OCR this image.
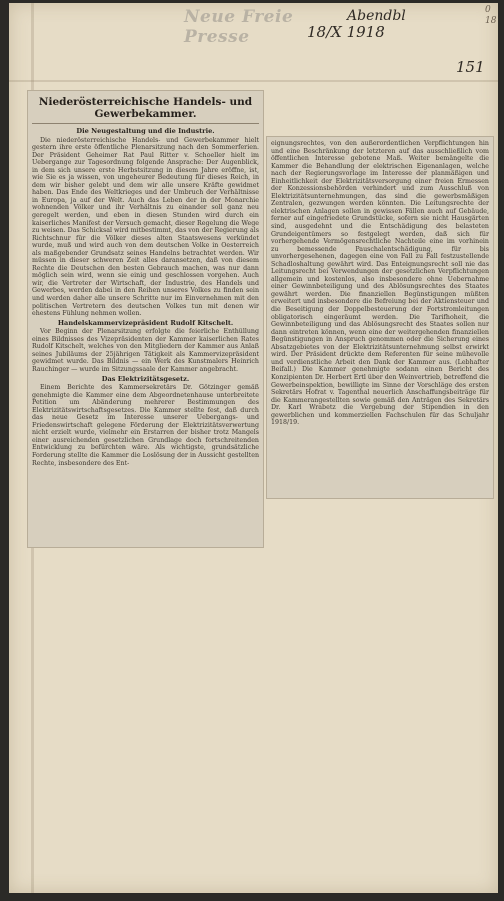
Neue Freie Presse
Abendbl
18/X 1918
151
0 18
Niederösterreichische Handels- und Gewerbekammer.
Die Neugestaltung und die Industrie.

Die niederösterreichische Handels- und Gewerbekammer hielt gestern ihre erste öffentliche Plenarsitzung nach den Sommerferien. Der Präsident Geheimer Rat Paul Ritter v. Schoeller hielt im Uebergange zur Tagesordnung folgende Ansprache: Der Augenblick, in dem sich unsere erste Herbstsitzung in diesem Jahre eröffne, ist, wie Sie es ja wissen, von ungeheurer Bedeutung für dieses Reich, in dem wir bisher gelebt und dem wir alle unsere Kräfte gewidmet haben. Das Ende des Weltkrieges und der Umbruch der Verhältnisse in Europa, ja auf der Welt. Auch das Leben der in der Monarchie wohnenden Völker und ihr Verhältnis zu einander soll ganz neu geregelt werden, und eben in diesen Stunden wird durch ein kaiserliches Manifest der Versuch gemacht, dieser Regelung die Wege zu weisen. Das Schicksal wird mitbestimmt, das von der Regierung als Richtschnur für die Völker dieses alten Staatswesens verkündet wurde, muß und wird auch von dem deutschen Volke in Oesterreich als maßgebender Grundsatz seines Handelns betrachtet werden. Wir müssen in dieser schweren Zeit alles daransetzen, daß von diesem Rechte die Deutschen den besten Gebrauch machen, was nur dann möglich sein wird, wenn sie einig und geschlossen vorgehen. Auch wir, die Vertreter der Wirtschaft, der Industrie, des Handels und Gewerbes, werden dabei in den Reihen unseres Volkes zu finden sein und werden daher alle unsere Schritte nur im Einvernehmen mit den politischen Vertretern des deutschen Volkes tun mit denen wir ehestens Fühlung nehmen wollen.

Handelskammervizepräsident Rudolf Kitschelt.

Vor Beginn der Plenarsitzung erfolgte die feierliche Enthüllung eines Bildnisses des Vizepräsidenten der Kammer kaiserlichen Rates Rudolf Kitschelt, welches von den Mitgliedern der Kammer aus Anlaß seines Jubiläums der 25jährigen Tätigkeit als Kammervizepräsident gewidmet wurde. Das Bildnis — ein Werk des Kunstmalers Heinrich Rauchinger — wurde im Sitzungssaale der Kammer angebracht.

Das Elektrizitätsgesetz.

Einem Berichte des Kammersekretärs Dr. Götzinger gemäß genehmigte die Kammer eine dem Abgeordnetenhause unterbreitete Petition um Abänderung mehrerer Bestimmungen des Elektrizitätswirtschaftsgesetzes. Die Kammer stellte fest, daß durch das neue Gesetz im Interesse unserer Uebergangs- und Friedenswirtschaft gelegene Förderung der Elektrizitätsverwertung nicht erzielt wurde, vielmehr ein Erstarren der bisher trotz Mangels einer ausreichenden gesetzlichen Grundlage doch fortschreitenden Entwicklung zu befürchten wäre. Als wichtigste, grundsätzliche Forderung stellte die Kammer die Loslösung der in Aussicht gestellten Rechte, insbesondere des Ent-

eignungsrechtes, von den außerordentlichen Verpflichtungen hin und eine Beschränkung der letzteren auf das ausschließlich vom öffentlichen Interesse gebotene Maß. Weiter bemängelte die Kammer die Behandlung der elektrischen Eigenanlagen, welche nach der Regierungsvorlage im Interesse der planmäßigen und Einheitlichkeit der Elektrizitätsversorgung einer freien Ermessen der Konzessionsbehörden verhindert und zum Ausschluß von Elektrizitätsunternehmungen, das sind die gewerbsmäßigen Zentralen, gezwungen werden könnten. Die Leitungsrechte der elektrischen Anlagen sollen in gewissen Fällen auch auf Gebäude, ferner auf eingefriedete Grundstücke, sofern sie nicht Hausgärten sind, ausgedehnt und die Entschädigung des belasteten Grundeigentümers so festgelegt werden, daß sich für vorhergehende Vermögensrechtliche Nachteile eine im vorhinein zu bemessende Pauschalentschädigung, für bis unvorhergesehenen, dagegen eine von Fall zu Fall festzustellende Schadloshaltung gewährt wird. Das Enteignungsrecht soll nie das Leitungsrecht bei Verwendungen der gesetzlichen Verpflichtungen allgemein und kostenlos, also insbesondere ohne Uebernahme einer Gewinnbeteiligung und des Ablösungsrechtes des Staates gewährt werden. Die finanziellen Begünstigungen müßten erweitert und insbesondere die Befreiung bei der Aktiensteuer und die Beseitigung der Doppelbesteuerung der Fortstromleitungen obligatorisch eingeräumt werden. Die Tarifhoheit, die Gewinnbeteiligung und das Ablösungsrecht des Staates sollen nur dann eintreten können, wenn eine der weitergehenden finanziellen Begünstigungen in Anspruch genommen oder die Sicherung eines Absatzgebietes von der Elektrizitätsunternehmung selbst erwirkt wird. Der Präsident drückte dem Referenten für seine mühevolle und verdienstliche Arbeit den Dank der Kammer aus. (Lebhafter Beifall.) Die Kammer genehmigte sodann einen Bericht des Konzipienten Dr. Herbert Ertl über den Weinvertrieb, betreffend die Gewerbeinspektion, bewilligte im Sinne der Vorschläge des ersten Sekretärs Hofrat v. Tagenthal neuerlich Anschaffungsbeiträge für die Kammerangestellten sowie gemäß den Anträgen des Sekretärs Dr. Karl Wrabetz die Vergebung der Stipendien in den gewerblichen und kommerziellen Fachschulen für das Schuljahr 1918/19.
